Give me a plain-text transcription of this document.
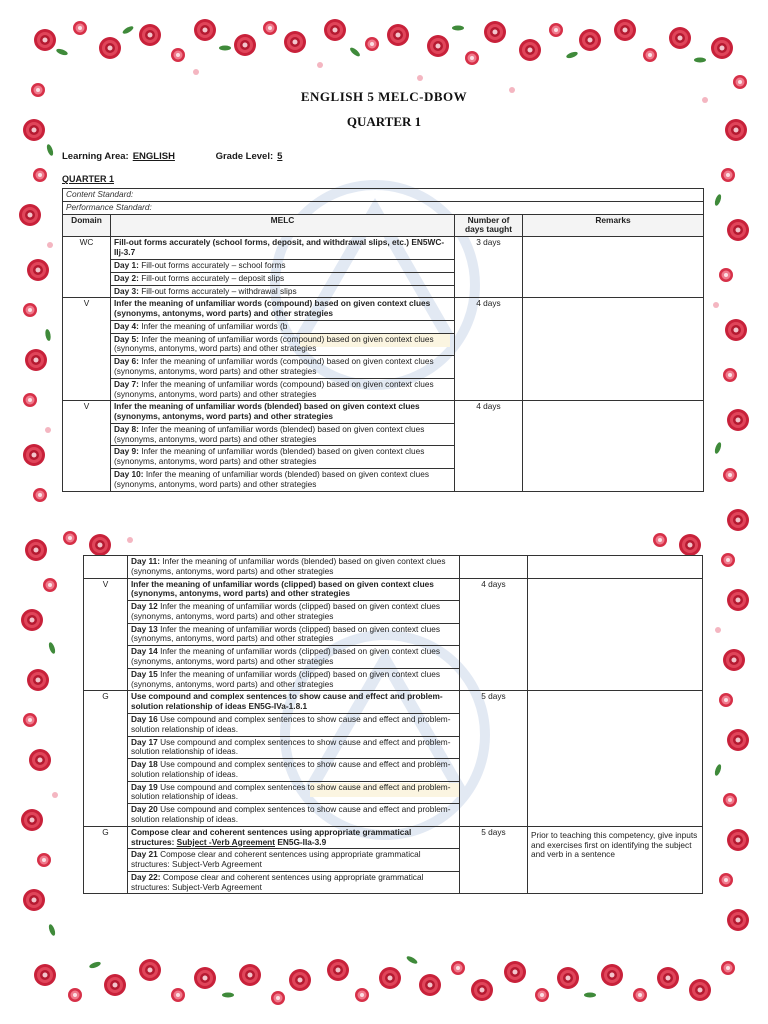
ENGLISH 5 MELC-DBOW
QUARTER 1
Learning Area: ENGLISH	Grade Level: 5
QUARTER 1
Content Standard:			
Performance Standard:			
Domain	MELC	Number of days taught	Remarks
WC	Fill-out forms accurately (school forms, deposit, and withdrawal slips, etc.) EN5WC-IIj-3.7	3 days	
	Day 1: Fill-out forms accurately – school forms		
	Day 2: Fill-out forms accurately – deposit slips		
	Day 3: Fill-out forms accurately – withdrawal slips		
V	Infer the meaning of unfamiliar words (compound) based on given context clues (synonyms, antonyms, word parts) and other strategies	4 days	
	Day 4: Infer the meaning of unfamiliar words (b		
	Day 5: Infer the meaning of unfamiliar words (compound) based on given context clues (synonyms, antonyms, word parts) and other strategies		
	Day 6: Infer the meaning of unfamiliar words (compound) based on given context clues (synonyms, antonyms, word parts) and other strategies		
	Day 7: Infer the meaning of unfamiliar words (compound) based on given context clues (synonyms, antonyms, word parts) and other strategies		
V	Infer the meaning of unfamiliar words (blended) based on given context clues (synonyms, antonyms, word parts) and other strategies	4 days	
	Day 8: Infer the meaning of unfamiliar words (blended) based on given context clues (synonyms, antonyms, word parts) and other strategies		
	Day 9: Infer the meaning of unfamiliar words (blended) based on given context clues (synonyms, antonyms, word parts) and other strategies		
	Day 10: Infer the meaning of unfamiliar words (blended) based on given context clues (synonyms, antonyms, word parts) and other strategies		
	Day 11: Infer the meaning of unfamiliar words (blended) based on given context clues (synonyms, antonyms, word parts) and other strategies		
V	Infer the meaning of unfamiliar words (clipped) based on given context clues (synonyms, antonyms, word parts) and other strategies	4 days	
	Day 12 Infer the meaning of unfamiliar words (clipped) based on given context clues (synonyms, antonyms, word parts) and other strategies		
	Day 13 Infer the meaning of unfamiliar words (clipped) based on given context clues (synonyms, antonyms, word parts) and other strategies		
	Day 14 Infer the meaning of unfamiliar words (clipped) based on given context clues (synonyms, antonyms, word parts) and other strategies		
	Day 15 Infer the meaning of unfamiliar words (clipped) based on given context clues (synonyms, antonyms, word parts) and other strategies		
G	Use compound and complex sentences to show cause and effect and problem-solution relationship of ideas EN5G-IVa-1.8.1	5 days	
	Day 16 Use compound and complex sentences to show cause and effect and problem-solution relationship of ideas.		
	Day 17 Use compound and complex sentences to show cause and effect and problem-solution relationship of ideas.		
	Day 18 Use compound and complex sentences to show cause and effect and problem-solution relationship of ideas.		
	Day 19 Use compound and complex sentences to show cause and effect and problem-solution relationship of ideas.		
	Day 20 Use compound and complex sentences to show cause and effect and problem-solution relationship of ideas.		
G	Compose clear and coherent sentences using appropriate grammatical structures: Subject -Verb Agreement EN5G-IIa-3.9	5 days	Prior to teaching this competency, give inputs and exercises first on identifying the subject and verb in a sentence
	Day 21 Compose clear and coherent sentences using appropriate grammatical structures: Subject-Verb Agreement		
	Day 22: Compose clear and coherent sentences using appropriate grammatical structures: Subject-Verb Agreement		
